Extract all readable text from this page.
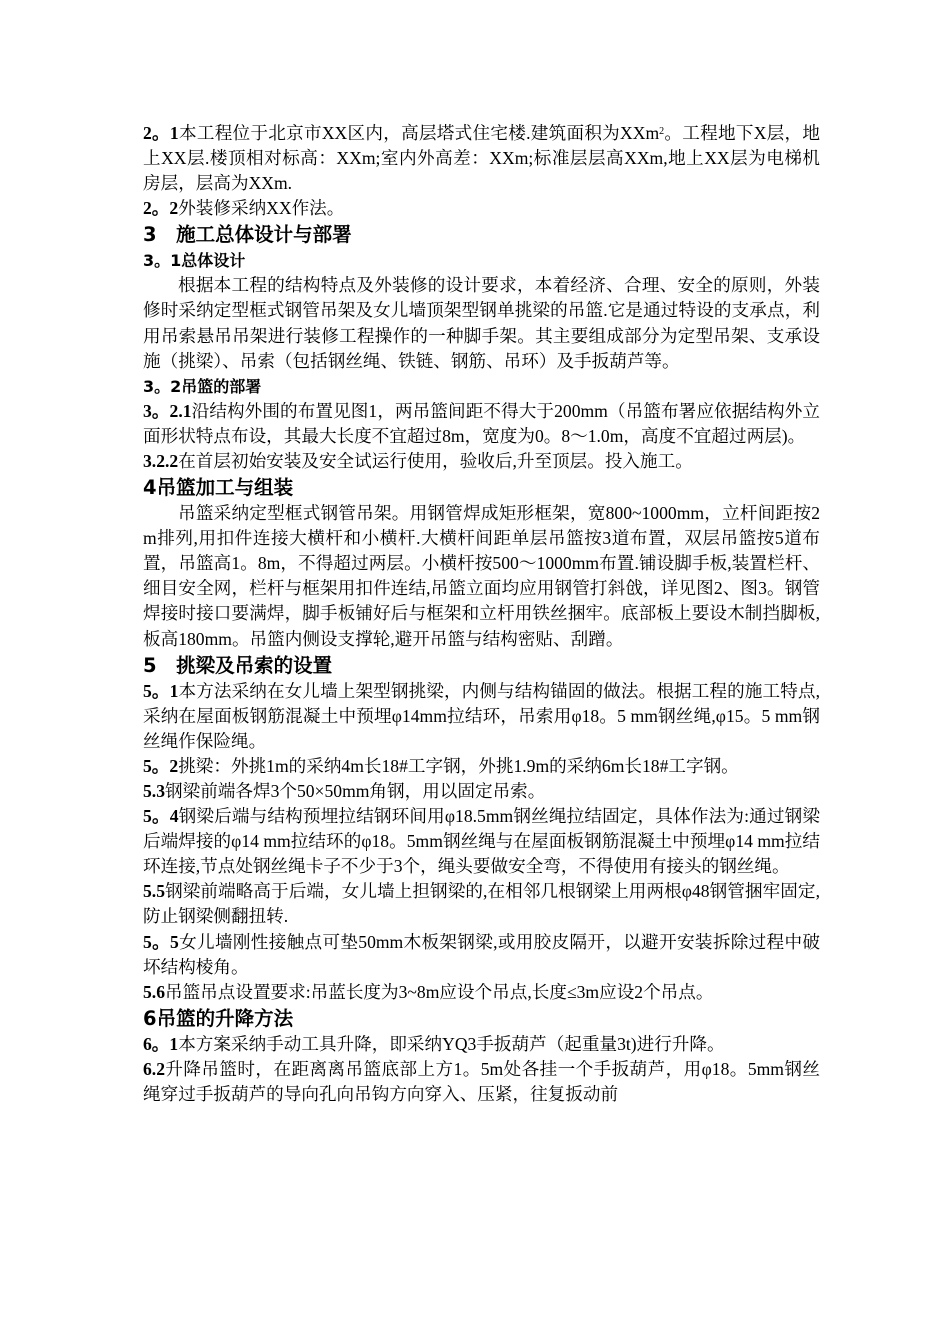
2。1本工程位于北京市XX区内，高层塔式住宅楼.建筑面积为XXm$^2$。工程地下X层，地上XX层.楼顶相对标高：XXm;室内外高差：XXm;标准层层高XXm,地上XX层为电梯机房层，层高为XXm.

2。2外装修采纳XX作法。

3　施工总体设计与部署
3。1总体设计

根据本工程的结构特点及外装修的设计要求，本着经济、合理、安全的原则，外装修时采纳定型框式钢管吊架及女儿墙顶架型钢单挑梁的吊篮.它是通过特设的支承点，利用吊索悬吊吊架进行装修工程操作的一种脚手架。其主要组成部分为定型吊架、支承设施（挑梁）、吊索（包括钢丝绳、铁链、钢筋、吊环）及手扳葫芦等。

3。2吊篮的部署

3。2.1沿结构外围的布置见图1，两吊篮间距不得大于200mm（吊篮布署应依据结构外立面形状特点布设，其最大长度不宜超过8m，宽度为0。8～1.0m，高度不宜超过两层)。

3.2.2在首层初始安装及安全试运行使用，验收后,升至顶层。投入施工。

4吊篮加工与组装

吊篮采纳定型框式钢管吊架。用钢管焊成矩形框架，宽800~1000mm，立杆间距按2m排列,用扣件连接大横杆和小横杆.大横杆间距单层吊篮按3道布置，双层吊篮按5道布置，吊篮高1。8m，不得超过两层。小横杆按500～1000mm布置.铺设脚手板,装置栏杆、细目安全网，栏杆与框架用扣件连结,吊篮立面均应用钢管打斜戗，详见图2、图3。钢管焊接时接口要满焊，脚手板铺好后与框架和立杆用铁丝捆牢。底部板上要设木制挡脚板,板高180mm。吊篮内侧设支撑轮,避开吊篮与结构密贴、刮蹭。

5　挑梁及吊索的设置

5。1本方法采纳在女儿墙上架型钢挑梁，内侧与结构锚固的做法。根据工程的施工特点,采纳在屋面板钢筋混凝土中预埋φ14mm拉结环，吊索用φ18。5 mm钢丝绳,φ15。5 mm钢丝绳作保险绳。

5。2挑梁：外挑1m的采纳4m长18#工字钢，外挑1.9m的采纳6m长18#工字钢。

5.3钢梁前端各焊3个50×50mm角钢，用以固定吊索。

5。4钢梁后端与结构预埋拉结钢环间用φ18.5mm钢丝绳拉结固定，具体作法为:通过钢梁后端焊接的φ14 mm拉结环的φ18。5mm钢丝绳与在屋面板钢筋混凝土中预埋φ14 mm拉结环连接,节点处钢丝绳卡子不少于3个，绳头要做安全弯，不得使用有接头的钢丝绳。

5.5钢梁前端略高于后端，女儿墙上担钢梁的,在相邻几根钢梁上用两根φ48钢管捆牢固定,防止钢梁侧翻扭转.

5。5女儿墙刚性接触点可垫50mm木板架钢梁,或用胶皮隔开，以避开安装拆除过程中破坏结构棱角。

5.6吊篮吊点设置要求:吊蓝长度为3~8m应设个吊点,长度≤3m应设2个吊点。

6吊篮的升降方法

6。1本方案采纳手动工具升降，即采纳YQ3手扳葫芦（起重量3t)进行升降。

6.2升降吊篮时，在距离离吊篮底部上方1。5m处各挂一个手扳葫芦，用φ18。5mm钢丝绳穿过手扳葫芦的导向孔向吊钩方向穿入、压紧，往复扳动前
